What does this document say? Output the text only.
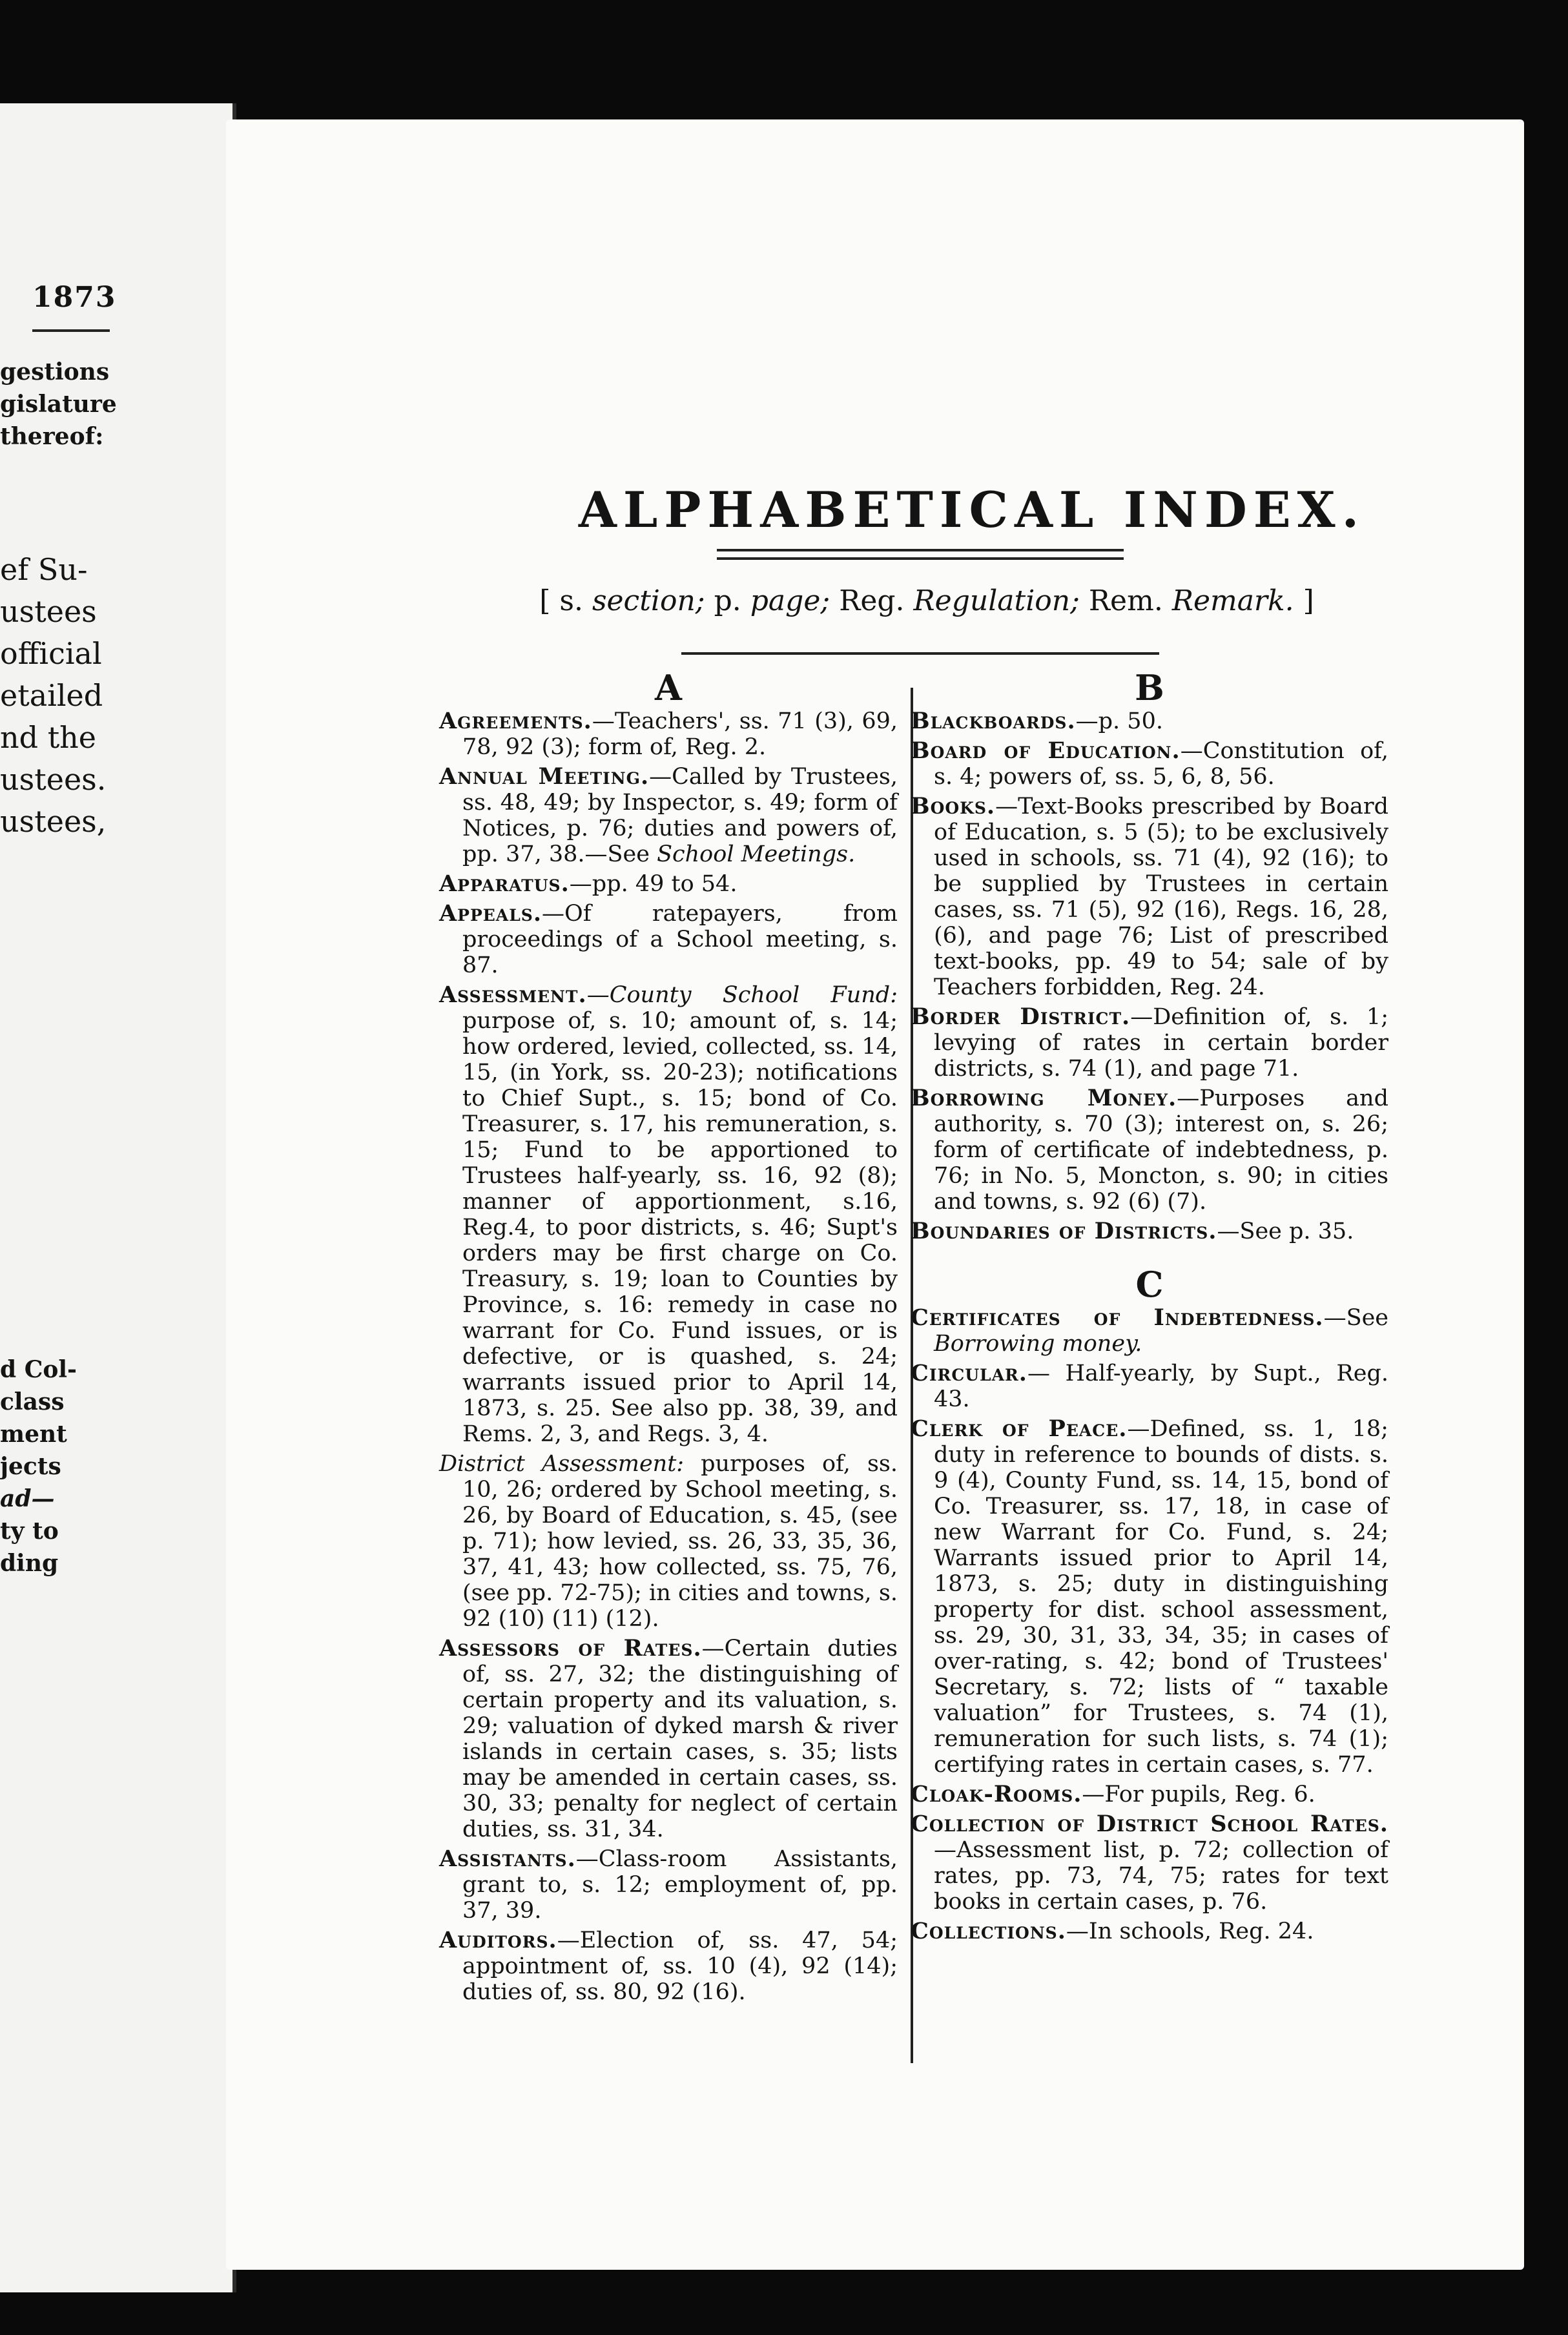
1873
gestions
gislature
thereof:
ef Su-
ustees
official
etailed
nd the
ustees.
ustees,
d Col-
class
ment
jects
ad—
ty to
ding
ALPHABETICAL INDEX.
[ s. section; p. page; Reg. Regulation; Rem. Remark. ]
A
Agreements.—Teachers', ss. 71 (3), 69, 78, 92 (3); form of, Reg. 2.
Annual Meeting.—Called by Trustees, ss. 48, 49; by Inspector, s. 49; form of Notices, p. 76; duties and powers of, pp. 37, 38.—See School Meetings.
Apparatus.—pp. 49 to 54.
Appeals.—Of ratepayers, from proceedings of a School meeting, s. 87.
Assessment.—County School Fund: purpose of, s. 10; amount of, s. 14; how ordered, levied, collected, ss. 14, 15, (in York, ss. 20-23); notifications to Chief Supt., s. 15; bond of Co. Treasurer, s. 17, his remuneration, s. 15; Fund to be apportioned to Trustees half-yearly, ss. 16, 92 (8); manner of apportionment, s.16, Reg.4, to poor districts, s. 46; Supt's orders may be first charge on Co. Treasury, s. 19; loan to Counties by Province, s. 16: remedy in case no warrant for Co. Fund issues, or is defective, or is quashed, s. 24; warrants issued prior to April 14, 1873, s. 25. See also pp. 38, 39, and Rems. 2, 3, and Regs. 3, 4.
District Assessment: purposes of, ss. 10, 26; ordered by School meeting, s. 26, by Board of Education, s. 45, (see p. 71); how levied, ss. 26, 33, 35, 36, 37, 41, 43; how collected, ss. 75, 76, (see pp. 72-75); in cities and towns, s. 92 (10) (11) (12).
Assessors of Rates.—Certain duties of, ss. 27, 32; the distinguishing of certain property and its valuation, s. 29; valuation of dyked marsh & river islands in certain cases, s. 35; lists may be amended in certain cases, ss. 30, 33; penalty for neglect of certain duties, ss. 31, 34.
Assistants.—Class-room Assistants, grant to, s. 12; employment of, pp. 37, 39.
Auditors.—Election of, ss. 47, 54; appointment of, ss. 10 (4), 92 (14); duties of, ss. 80, 92 (16).
B
Blackboards.—p. 50.
Board of Education.—Constitution of, s. 4; powers of, ss. 5, 6, 8, 56.
Books.—Text-Books prescribed by Board of Education, s. 5 (5); to be exclusively used in schools, ss. 71 (4), 92 (16); to be supplied by Trustees in certain cases, ss. 71 (5), 92 (16), Regs. 16, 28, (6), and page 76; List of prescribed text-books, pp. 49 to 54; sale of by Teachers forbidden, Reg. 24.
Border District.—Definition of, s. 1; levying of rates in certain border districts, s. 74 (1), and page 71.
Borrowing Money.—Purposes and authority, s. 70 (3); interest on, s. 26; form of certificate of indebtedness, p. 76; in No. 5, Moncton, s. 90; in cities and towns, s. 92 (6) (7).
Boundaries of Districts.—See p. 35.
C
Certificates of Indebtedness.—See Borrowing money.
Circular.— Half-yearly, by Supt., Reg. 43.
Clerk of Peace.—Defined, ss. 1, 18; duty in reference to bounds of dists. s. 9 (4), County Fund, ss. 14, 15, bond of Co. Treasurer, ss. 17, 18, in case of new Warrant for Co. Fund, s. 24; Warrants issued prior to April 14, 1873, s. 25; duty in distinguishing property for dist. school assessment, ss. 29, 30, 31, 33, 34, 35; in cases of over-rating, s. 42; bond of Trustees' Secretary, s. 72; lists of “ taxable valuation” for Trustees, s. 74 (1), remuneration for such lists, s. 74 (1); certifying rates in certain cases, s. 77.
Cloak-Rooms.—For pupils, Reg. 6.
Collection of District School Rates.—Assessment list, p. 72; collection of rates, pp. 73, 74, 75; rates for text books in certain cases, p. 76.
Collections.—In schools, Reg. 24.
